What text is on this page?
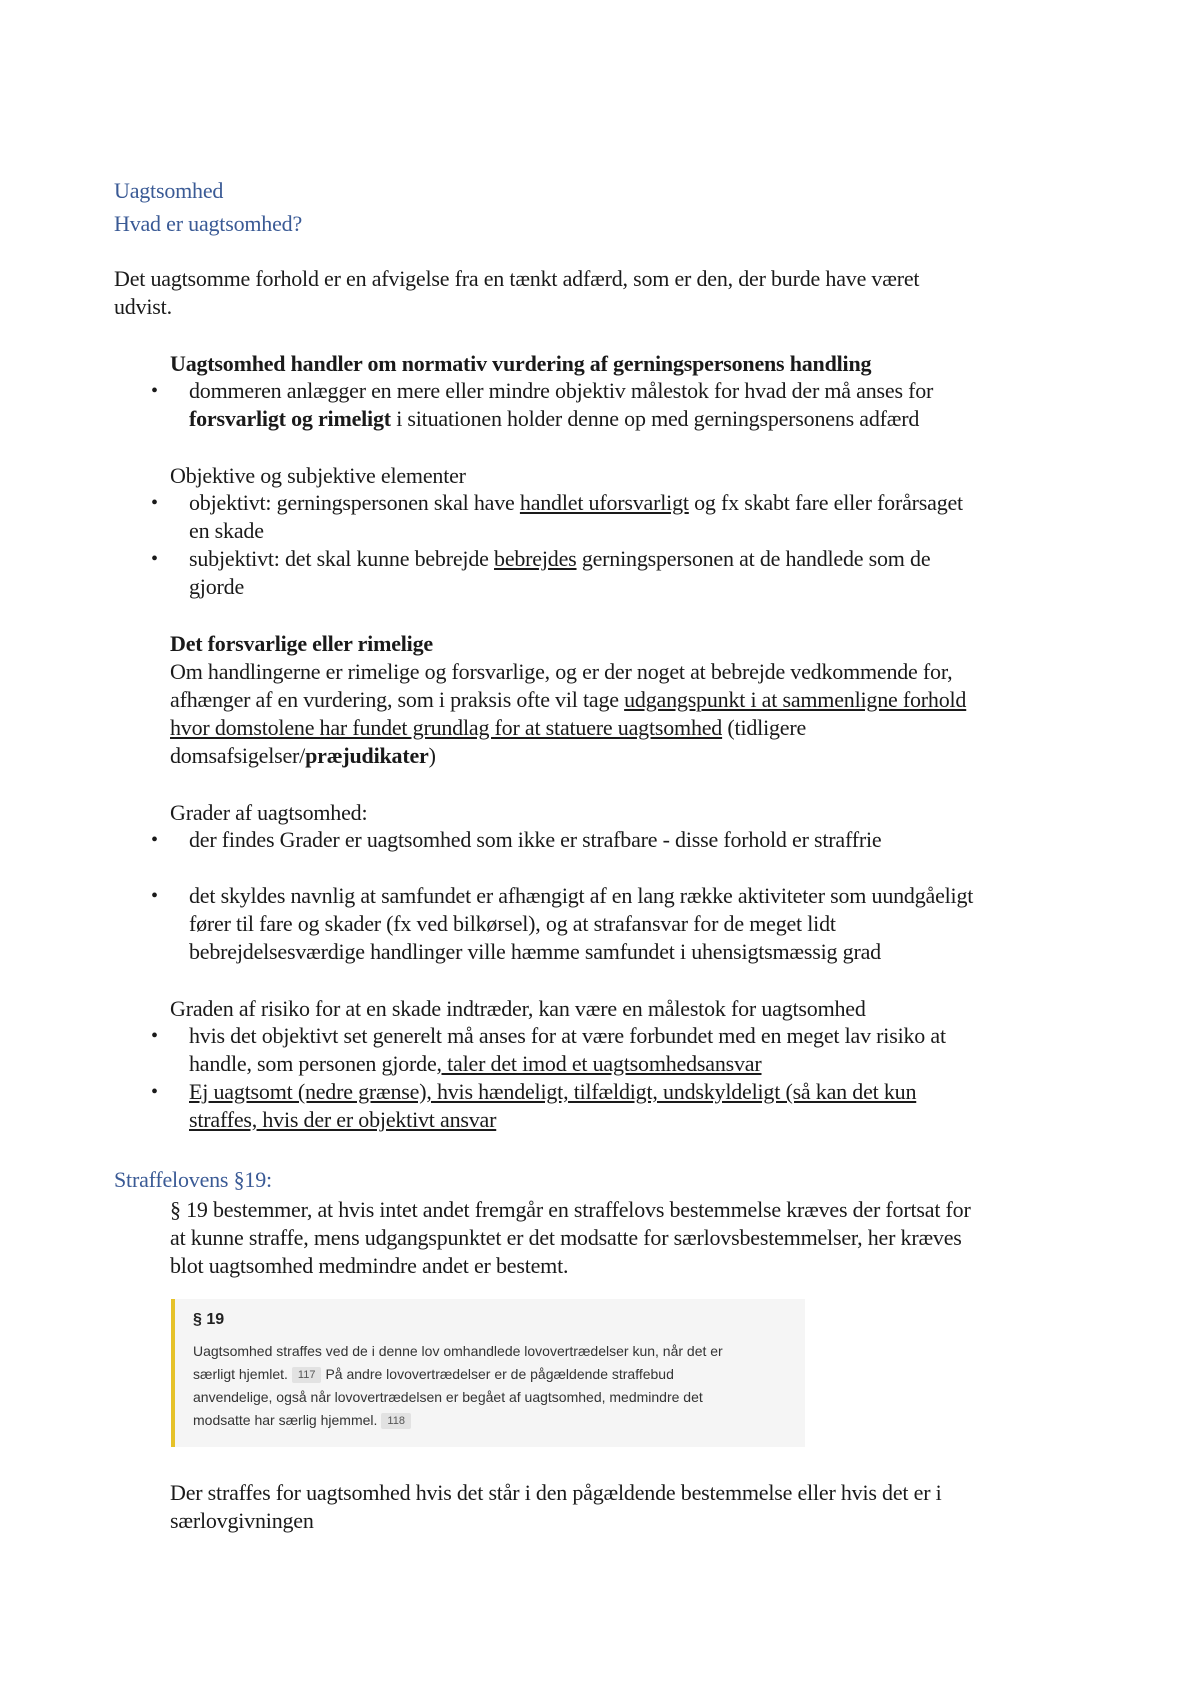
Uagtsomhed
Hvad er uagtsomhed?
Det uagtsomme forhold er en afvigelse fra en tænkt adfærd, som er den, der burde have været
udvist.
Uagtsomhed handler om normativ vurdering af gerningspersonens handling
• dommeren anlægger en mere eller mindre objektiv målestok for hvad der må anses for
forsvarligt og rimeligt i situationen holder denne op med gerningspersonens adfærd
Objektive og subjektive elementer
• objektivt: gerningspersonen skal have handlet uforsvarligt og fx skabt fare eller forårsaget
en skade
• subjektivt: det skal kunne bebrejde bebrejdes gerningspersonen at de handlede som de
gjorde
Det forsvarlige eller rimelige
Om handlingerne er rimelige og forsvarlige, og er der noget at bebrejde vedkommende for,
afhænger af en vurdering, som i praksis ofte vil tage udgangspunkt i at sammenligne forhold
hvor domstolene har fundet grundlag for at statuere uagtsomhed (tidligere
domsafsigelser/præjudikater)
Grader af uagtsomhed:
• der findes Grader er uagtsomhed som ikke er strafbare - disse forhold er straffrie
• det skyldes navnlig at samfundet er afhængigt af en lang række aktiviteter som uundgåeligt
fører til fare og skader (fx ved bilkørsel), og at strafansvar for de meget lidt
bebrejdelsesværdige handlinger ville hæmme samfundet i uhensigtsmæssig grad
Graden af risiko for at en skade indtræder, kan være en målestok for uagtsomhed
• hvis det objektivt set generelt må anses for at være forbundet med en meget lav risiko at
handle, som personen gjorde, taler det imod et uagtsomhedsansvar
• Ej uagtsomt (nedre grænse), hvis hændeligt, tilfældigt, undskyldeligt (så kan det kun
straffes, hvis der er objektivt ansvar
Straffelovens §19:
§ 19 bestemmer, at hvis intet andet fremgår en straffelovs bestemmelse kræves der fortsat for
at kunne straffe, mens udgangspunktet er det modsatte for særlovsbestemmelser, her kræves
blot uagtsomhed medmindre andet er bestemt.
§ 19
Uagtsomhed straffes ved de i denne lov omhandlede lovovertrædelser kun, når det er
særligt hjemlet. 117 På andre lovovertrædelser er de pågældende straffebud
anvendelige, også når lovovertrædelsen er begået af uagtsomhed, medmindre det
modsatte har særlig hjemmel. 118
Der straffes for uagtsomhed hvis det står i den pågældende bestemmelse eller hvis det er i
særlovgivningen
